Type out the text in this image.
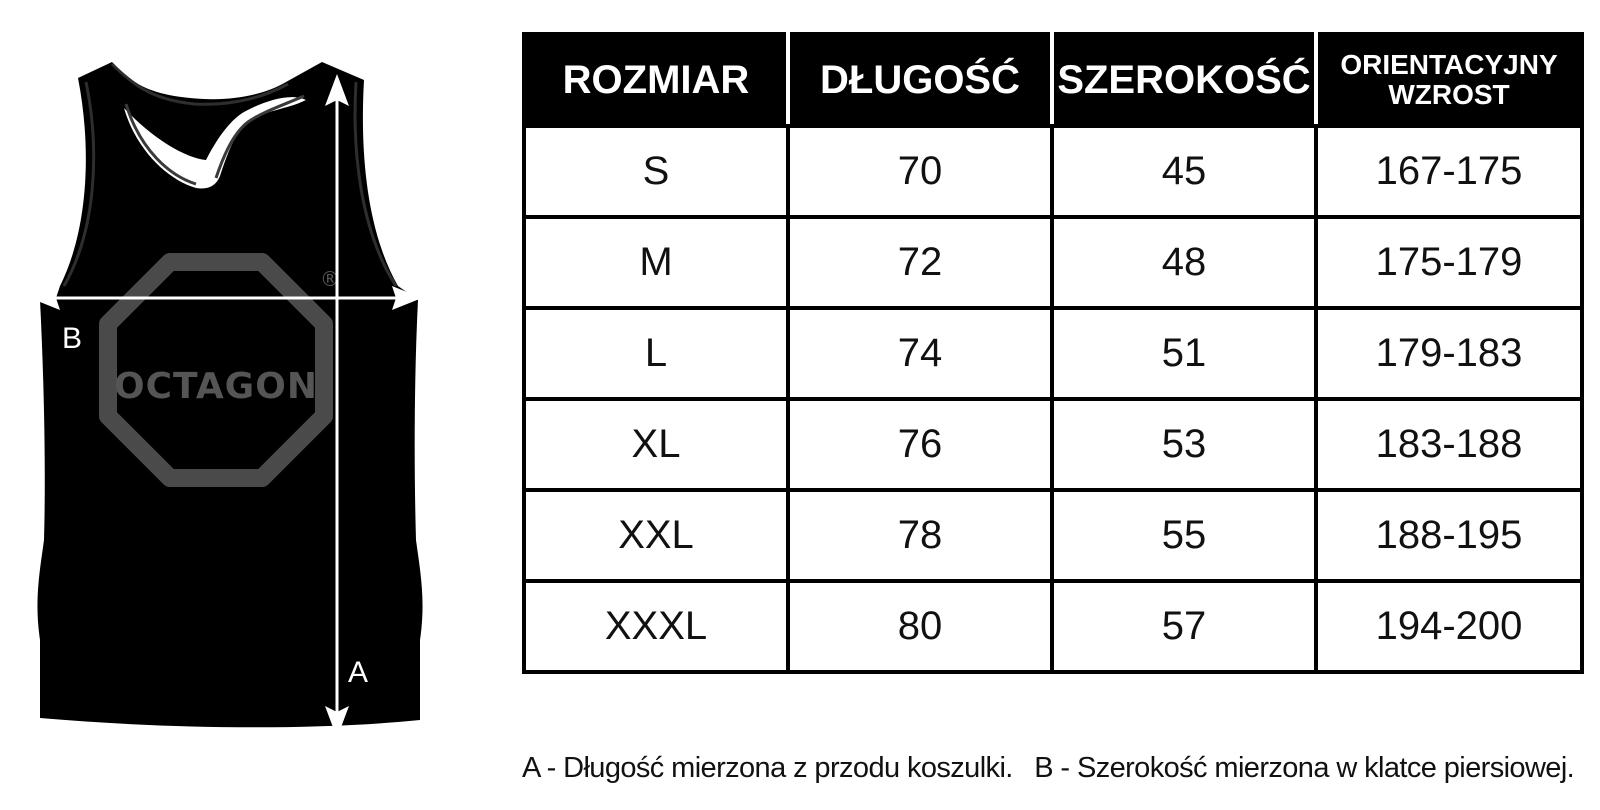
OCTAGON
®
B
A
ROZMIAR	DŁUGOŚĆ	SZEROKOŚĆ	ORIENTACYJNY
WZROST

S	70	45	167-175
M	72	48	175-179
L	74	51	179-183
XL	76	53	183-188
XXL	78	55	188-195
XXXL	80	57	194-200
A - Długość mierzona z przodu koszulki. B - Szerokość mierzona w klatce piersiowej.
